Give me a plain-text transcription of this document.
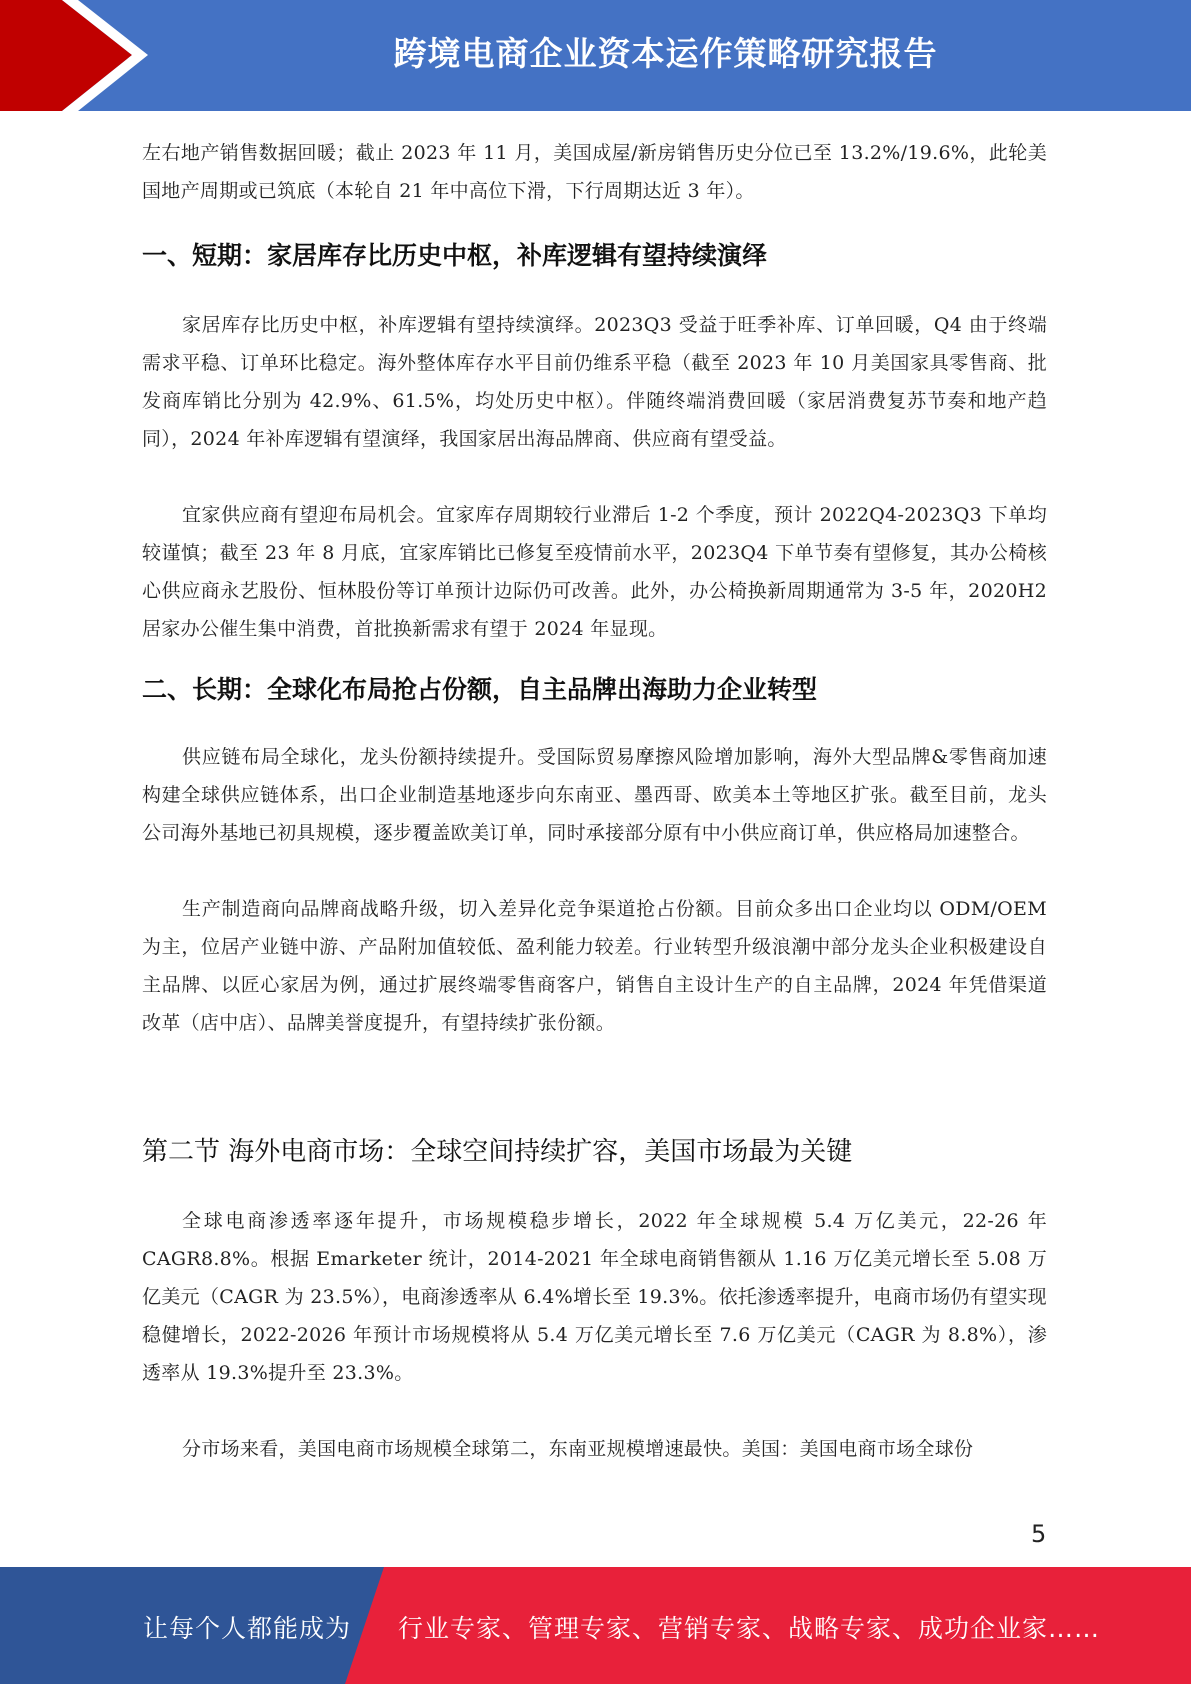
跨境电商企业资本运作策略研究报告

左右地产销售数据回暖；截止 2023 年 11 月，美国成屋/新房销售历史分位已至 13.2%/19.6%，此轮美国地产周期或已筑底（本轮自 21 年中高位下滑，下行周期达近 3 年）。

一、短期：家居库存比历史中枢，补库逻辑有望持续演绎

家居库存比历史中枢，补库逻辑有望持续演绎。2023Q3 受益于旺季补库、订单回暖，Q4 由于终端需求平稳、订单环比稳定。海外整体库存水平目前仍维系平稳（截至 2023 年 10 月美国家具零售商、批发商库销比分别为 42.9%、61.5%，均处历史中枢）。伴随终端消费回暖（家居消费复苏节奏和地产趋同），2024 年补库逻辑有望演绎，我国家居出海品牌商、供应商有望受益。

宜家供应商有望迎布局机会。宜家库存周期较行业滞后 1-2 个季度，预计 2022Q4-2023Q3 下单均较谨慎；截至 23 年 8 月底，宜家库销比已修复至疫情前水平，2023Q4 下单节奏有望修复，其办公椅核心供应商永艺股份、恒林股份等订单预计边际仍可改善。此外，办公椅换新周期通常为 3-5 年，2020H2 居家办公催生集中消费，首批换新需求有望于 2024 年显现。

二、长期：全球化布局抢占份额，自主品牌出海助力企业转型

供应链布局全球化，龙头份额持续提升。受国际贸易摩擦风险增加影响，海外大型品牌&零售商加速构建全球供应链体系，出口企业制造基地逐步向东南亚、墨西哥、欧美本土等地区扩张。截至目前，龙头公司海外基地已初具规模，逐步覆盖欧美订单，同时承接部分原有中小供应商订单，供应格局加速整合。

生产制造商向品牌商战略升级，切入差异化竞争渠道抢占份额。目前众多出口企业均以 ODM/OEM 为主，位居产业链中游、产品附加值较低、盈利能力较差。行业转型升级浪潮中部分龙头企业积极建设自主品牌、以匠心家居为例，通过扩展终端零售商客户，销售自主设计生产的自主品牌，2024 年凭借渠道改革（店中店）、品牌美誉度提升，有望持续扩张份额。

第二节 海外电商市场：全球空间持续扩容，美国市场最为关键

全球电商渗透率逐年提升，市场规模稳步增长，2022 年全球规模 5.4 万亿美元，22-26 年 CAGR8.8%。根据 Emarketer 统计，2014-2021 年全球电商销售额从 1.16 万亿美元增长至 5.08 万亿美元（CAGR 为 23.5%），电商渗透率从 6.4%增长至 19.3%。依托渗透率提升，电商市场仍有望实现稳健增长，2022-2026 年预计市场规模将从 5.4 万亿美元增长至 7.6 万亿美元（CAGR 为 8.8%），渗透率从 19.3%提升至 23.3%。

分市场来看，美国电商市场规模全球第二，东南亚规模增速最快。美国：美国电商市场全球份

5
让每个人都能成为 行业专家、管理专家、营销专家、战略专家、成功企业家……
